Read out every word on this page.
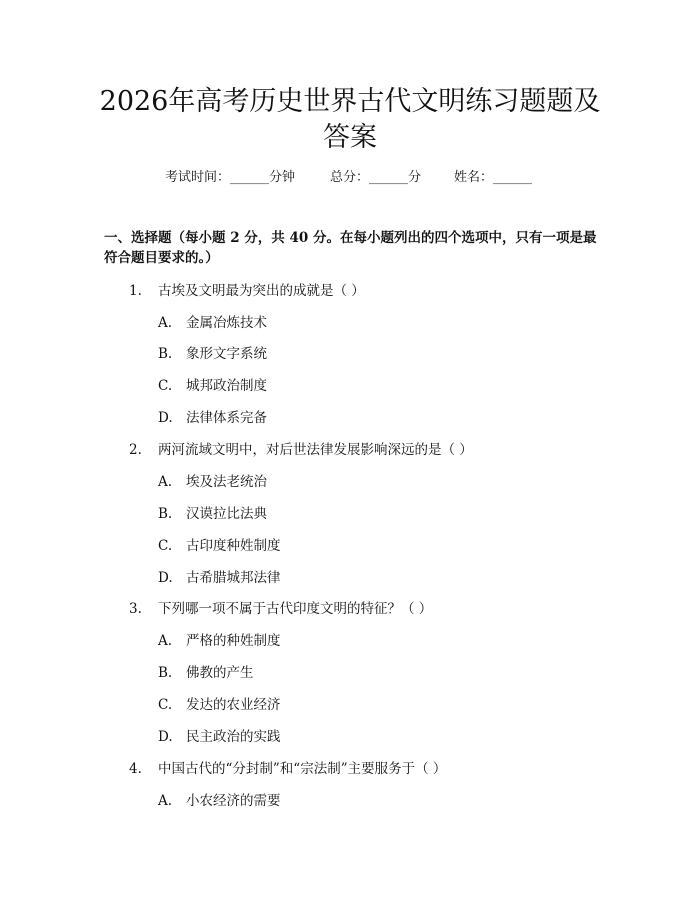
2026年高考历史世界古代文明练习题题及答案
考试时间：______分钟	总分：______分	姓名：______
一、选择题（每小题 2 分，共 40 分。在每小题列出的四个选项中，只有一项是最符合题目要求的。）
1. 古埃及文明最为突出的成就是（ ）
A. 金属冶炼技术
B. 象形文字系统
C. 城邦政治制度
D. 法律体系完备
2. 两河流域文明中，对后世法律发展影响深远的是（ ）
A. 埃及法老统治
B. 汉谟拉比法典
C. 古印度种姓制度
D. 古希腊城邦法律
3. 下列哪一项不属于古代印度文明的特征？（ ）
A. 严格的种姓制度
B. 佛教的产生
C. 发达的农业经济
D. 民主政治的实践
4. 中国古代的“分封制”和“宗法制”主要服务于（ ）
A. 小农经济的需要
